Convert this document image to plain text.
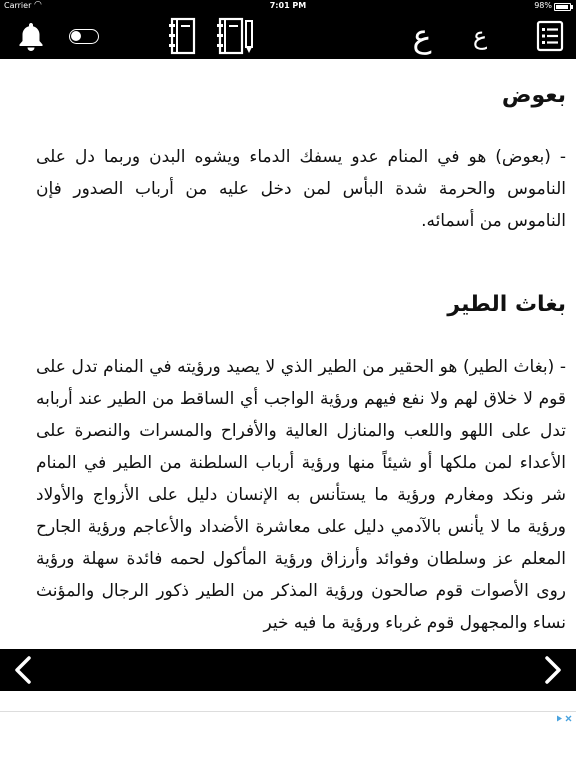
Carrier ◠	7:01 PM	98%
ع	ع
بعوض

- (بعوض) هو في المنام عدو يسفك الدماء ويشوه البدن وربما دل على الناموس والحرمة شدة البأس لمن دخل عليه من أرباب الصدور فإن الناموس من أسمائه.

بغاث الطير

- (بغاث الطير) هو الحقير من الطير الذي لا يصيد ورؤيته في المنام تدل على قوم لا خلاق لهم ولا نفع فيهم ورؤية الواجب أي الساقط من الطير عند أربابه تدل على اللهو واللعب والمنازل العالية والأفراح والمسرات والنصرة على الأعداء لمن ملكها أو شيئاً منها ورؤية أرباب السلطنة من الطير في المنام شر ونكد ومغارم ورؤية ما يستأنس به الإنسان دليل على الأزواج والأولاد ورؤية ما لا يأنس بالآدمي دليل على معاشرة الأضداد والأعاجم ورؤية الجارح المعلم عز وسلطان وفوائد وأرزاق ورؤية المأكول لحمه فائدة سهلة ورؤية روى الأصوات قوم صالحون ورؤية المذكر من الطير ذكور الرجال والمؤنث نساء والمجهول قوم غرباء ورؤية ما فيه خير
